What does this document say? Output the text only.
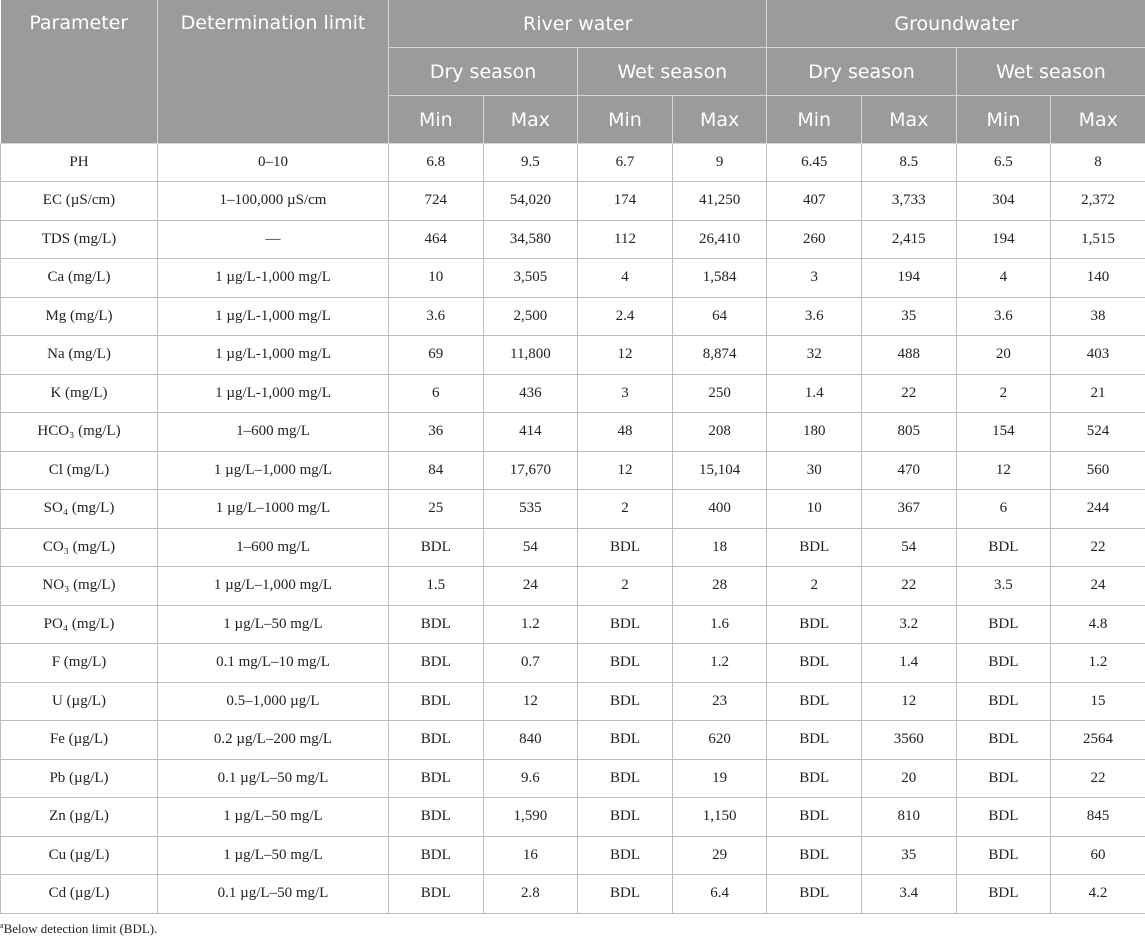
Parameter	Determination limit	River water				Groundwater			
		Dry season		Wet season		Dry season		Wet season	
		Min	Max	Min	Max	Min	Max	Min	Max
PH	0–10	6.8	9.5	6.7	9	6.45	8.5	6.5	8
EC (µS/cm)	1–100,000 µS/cm	724	54,020	174	41,250	407	3,733	304	2,372
TDS (mg/L)	—	464	34,580	112	26,410	260	2,415	194	1,515
Ca (mg/L)	1 µg/L-1,000 mg/L	10	3,505	4	1,584	3	194	4	140
Mg (mg/L)	1 µg/L-1,000 mg/L	3.6	2,500	2.4	64	3.6	35	3.6	38
Na (mg/L)	1 µg/L-1,000 mg/L	69	11,800	12	8,874	32	488	20	403
K (mg/L)	1 µg/L-1,000 mg/L	6	436	3	250	1.4	22	2	21
HCO₃ (mg/L)	1–600 mg/L	36	414	48	208	180	805	154	524
Cl (mg/L)	1 µg/L–1,000 mg/L	84	17,670	12	15,104	30	470	12	560
SO₄ (mg/L)	1 µg/L–1000 mg/L	25	535	2	400	10	367	6	244
CO₃ (mg/L)	1–600 mg/L	BDL	54	BDL	18	BDL	54	BDL	22
NO₃ (mg/L)	1 µg/L–1,000 mg/L	1.5	24	2	28	2	22	3.5	24
PO₄ (mg/L)	1 µg/L–50 mg/L	BDL	1.2	BDL	1.6	BDL	3.2	BDL	4.8
F (mg/L)	0.1 mg/L–10 mg/L	BDL	0.7	BDL	1.2	BDL	1.4	BDL	1.2
U (µg/L)	0.5–1,000 µg/L	BDL	12	BDL	23	BDL	12	BDL	15
Fe (µg/L)	0.2 µg/L–200 mg/L	BDL	840	BDL	620	BDL	3560	BDL	2564
Pb (µg/L)	0.1 µg/L–50 mg/L	BDL	9.6	BDL	19	BDL	20	BDL	22
Zn (µg/L)	1 µg/L–50 mg/L	BDL	1,590	BDL	1,150	BDL	810	BDL	845
Cu (µg/L)	1 µg/L–50 mg/L	BDL	16	BDL	29	BDL	35	BDL	60
Cd (µg/L)	0.1 µg/L–50 mg/L	BDL	2.8	BDL	6.4	BDL	3.4	BDL	4.2

$^a$Below detection limit (BDL).
